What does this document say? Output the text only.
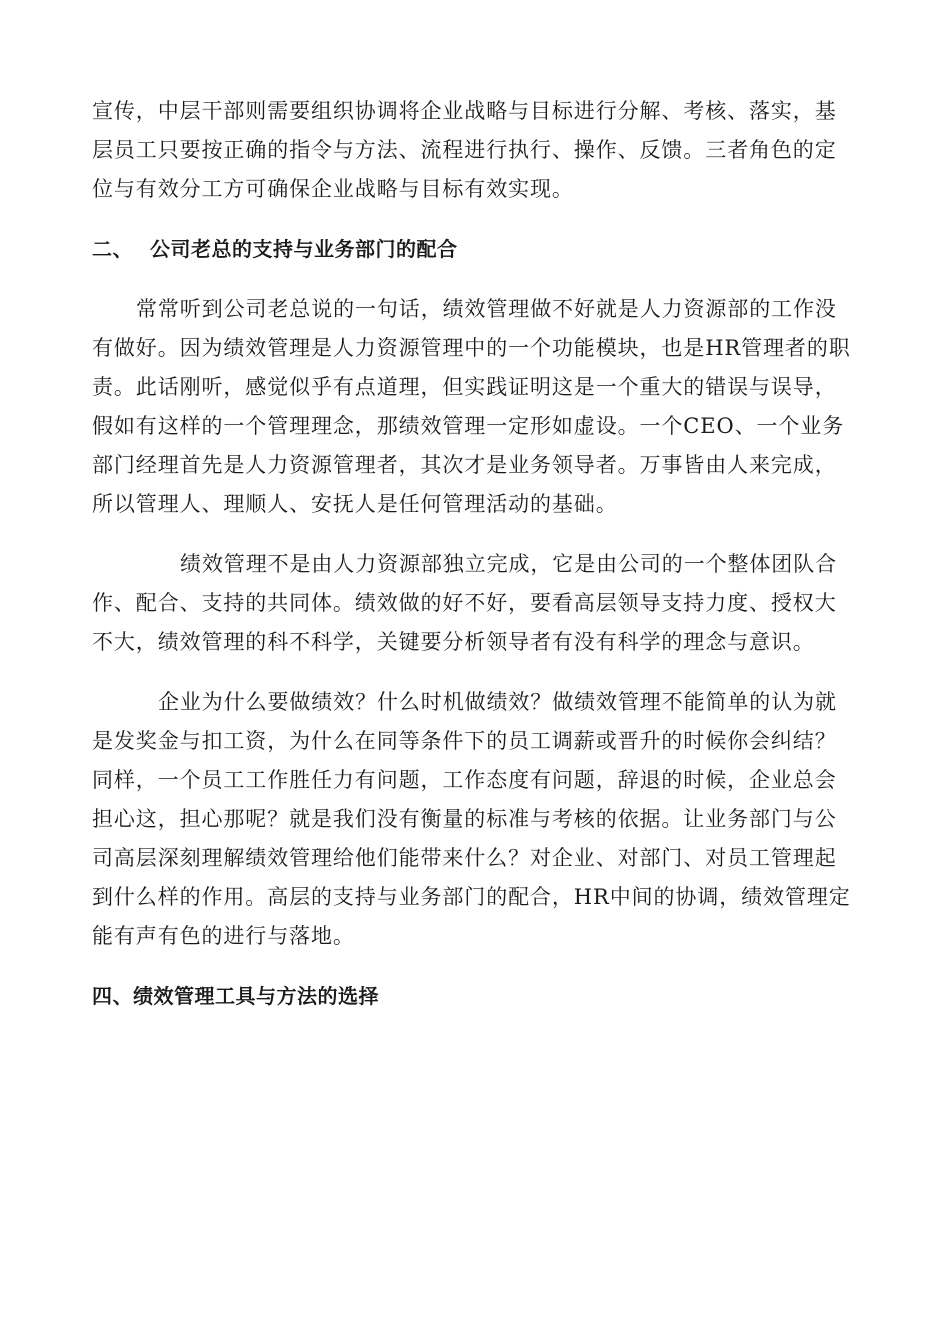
宣传，中层干部则需要组织协调将企业战略与目标进行分解、考核、落实，基
层员工只要按正确的指令与方法、流程进行执行、操作、反馈。三者角色的定
位与有效分工方可确保企业战略与目标有效实现。

二、 公司老总的支持与业务部门的配合

常常听到公司老总说的一句话，绩效管理做不好就是人力资源部的工作没
有做好。因为绩效管理是人力资源管理中的一个功能模块，也是HR管理者的职
责。此话刚听，感觉似乎有点道理，但实践证明这是一个重大的错误与误导，
假如有这样的一个管理理念，那绩效管理一定形如虚设。一个CEO、一个业务
部门经理首先是人力资源管理者，其次才是业务领导者。万事皆由人来完成，
所以管理人、理顺人、安抚人是任何管理活动的基础。

绩效管理不是由人力资源部独立完成，它是由公司的一个整体团队合
作、配合、支持的共同体。绩效做的好不好，要看高层领导支持力度、授权大
不大，绩效管理的科不科学，关键要分析领导者有没有科学的理念与意识。

企业为什么要做绩效？什么时机做绩效？做绩效管理不能简单的认为就
是发奖金与扣工资，为什么在同等条件下的员工调薪或晋升的时候你会纠结？
同样，一个员工工作胜任力有问题，工作态度有问题，辞退的时候，企业总会
担心这，担心那呢？就是我们没有衡量的标准与考核的依据。让业务部门与公
司高层深刻理解绩效管理给他们能带来什么？对企业、对部门、对员工管理起
到什么样的作用。高层的支持与业务部门的配合，HR中间的协调，绩效管理定
能有声有色的进行与落地。

四、绩效管理工具与方法的选择
